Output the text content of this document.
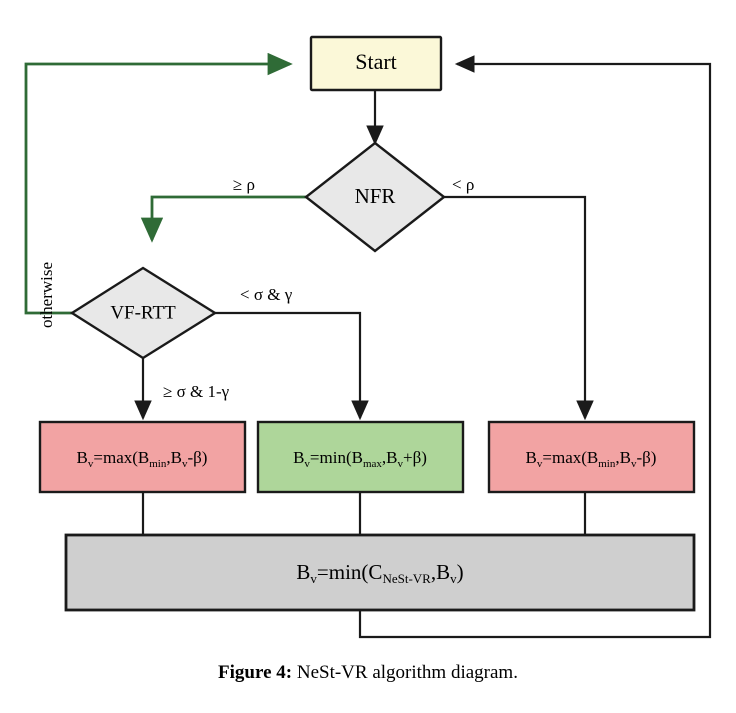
Start
NFR
VF-RTT
$B_v=\max(B_{min},B_v-\beta)$	$B_v=\min(B_{max},B_v+\beta)$	$B_v=\max(B_{min},B_v-\beta)$
$B_v=\min(C_{NeSt-VR},B_v)$
≥ ρ	< ρ
< σ & γ
≥ σ & 1-γ
otherwise
Figure 4: NeSt-VR algorithm diagram.
